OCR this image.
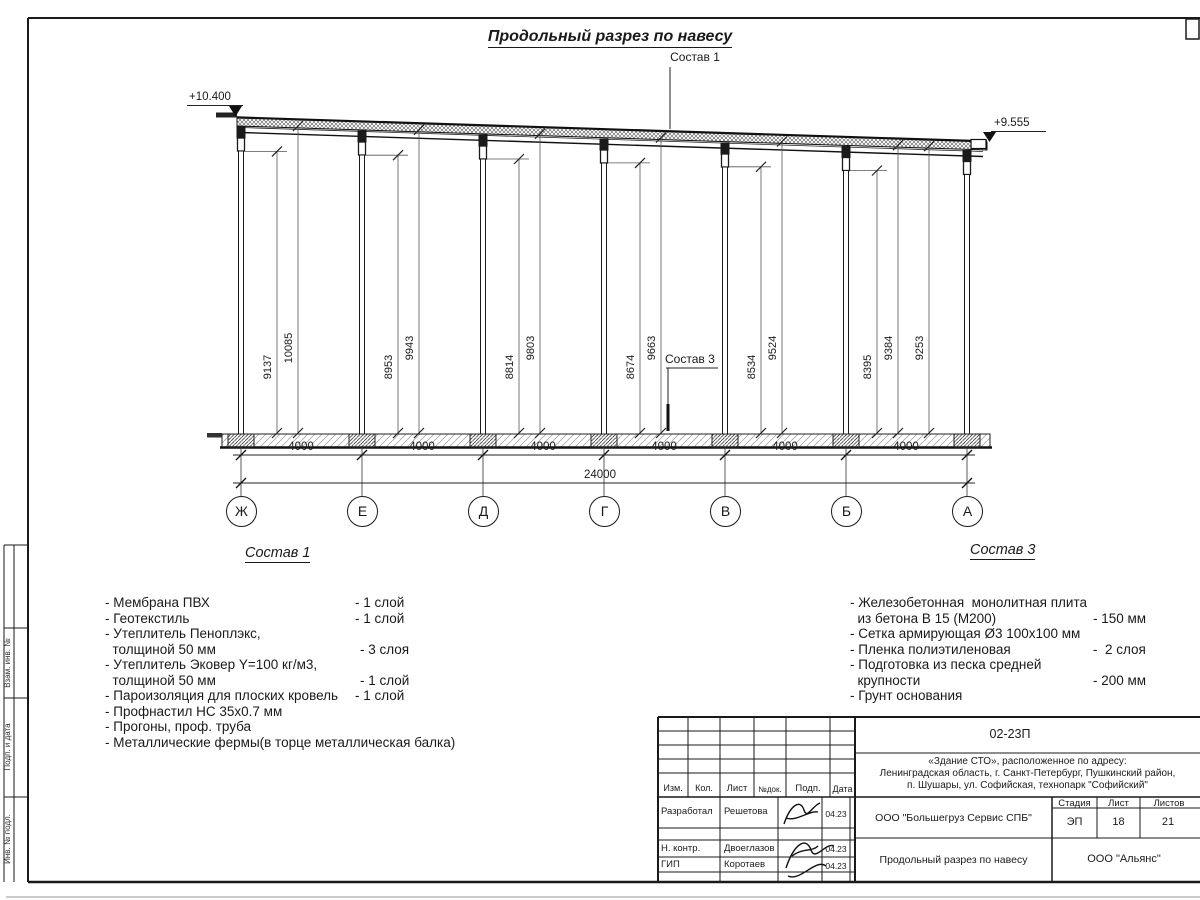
Продольный разрез по навесу
Состав 1
Состав 3
+10.400
+9.555
9137
10085
8953
9943
8814
9803
8674
9663
8534
9524
8395
9384 9253
4000	4000	4000	4000	4000	4000
24000
Ж	Е	Д	Г	В	Б	А
Состав 1
- Мембрана ПВХ	- 1 слой
- Геотекстиль	- 1 слой
- Утеплитель Пеноплэкс,
толщиной 50 мм	- 3 слоя
- Утеплитель Эковер Y=100 кг/м3,
толщиной 50 мм	- 1 слой
- Пароизоляция для плоских кровель - 1 слой
- Профнастил НС 35x0.7 мм
- Прогоны, проф. труба
- Металлические фермы(в торце металлическая балка)
Состав 3
- Железобетонная  монолитная плита
из бетона В 15 (М200)	- 150 мм
- Сетка армирующая Ø3 100x100 мм
- Пленка полиэтиленовая	-  2 слоя
- Подготовка из песка средней
крупности	- 200 мм
- Грунт основания
Изм.	Кол.	Лист	№док.	Подп.	Дата
Разработал Решетова	04.23
Н. контр.	Двоеглазов	04.23
ГИП	Коротаев	04.23
02-23П
«Здание СТО», расположенное по адресу:
Ленинградская область, г. Санкт-Петербург, Пушкинский район,
п. Шушары, ул. Софийская, технопарк "Софийский"
ООО "Большегруз Сервис СПБ"
Продольный разрез по навесу	ООО "Альянс"
Стадия	Лист	Листов
ЭП	18	21
Взам. инв. №
Подп. и дата
Инв. № подл.
